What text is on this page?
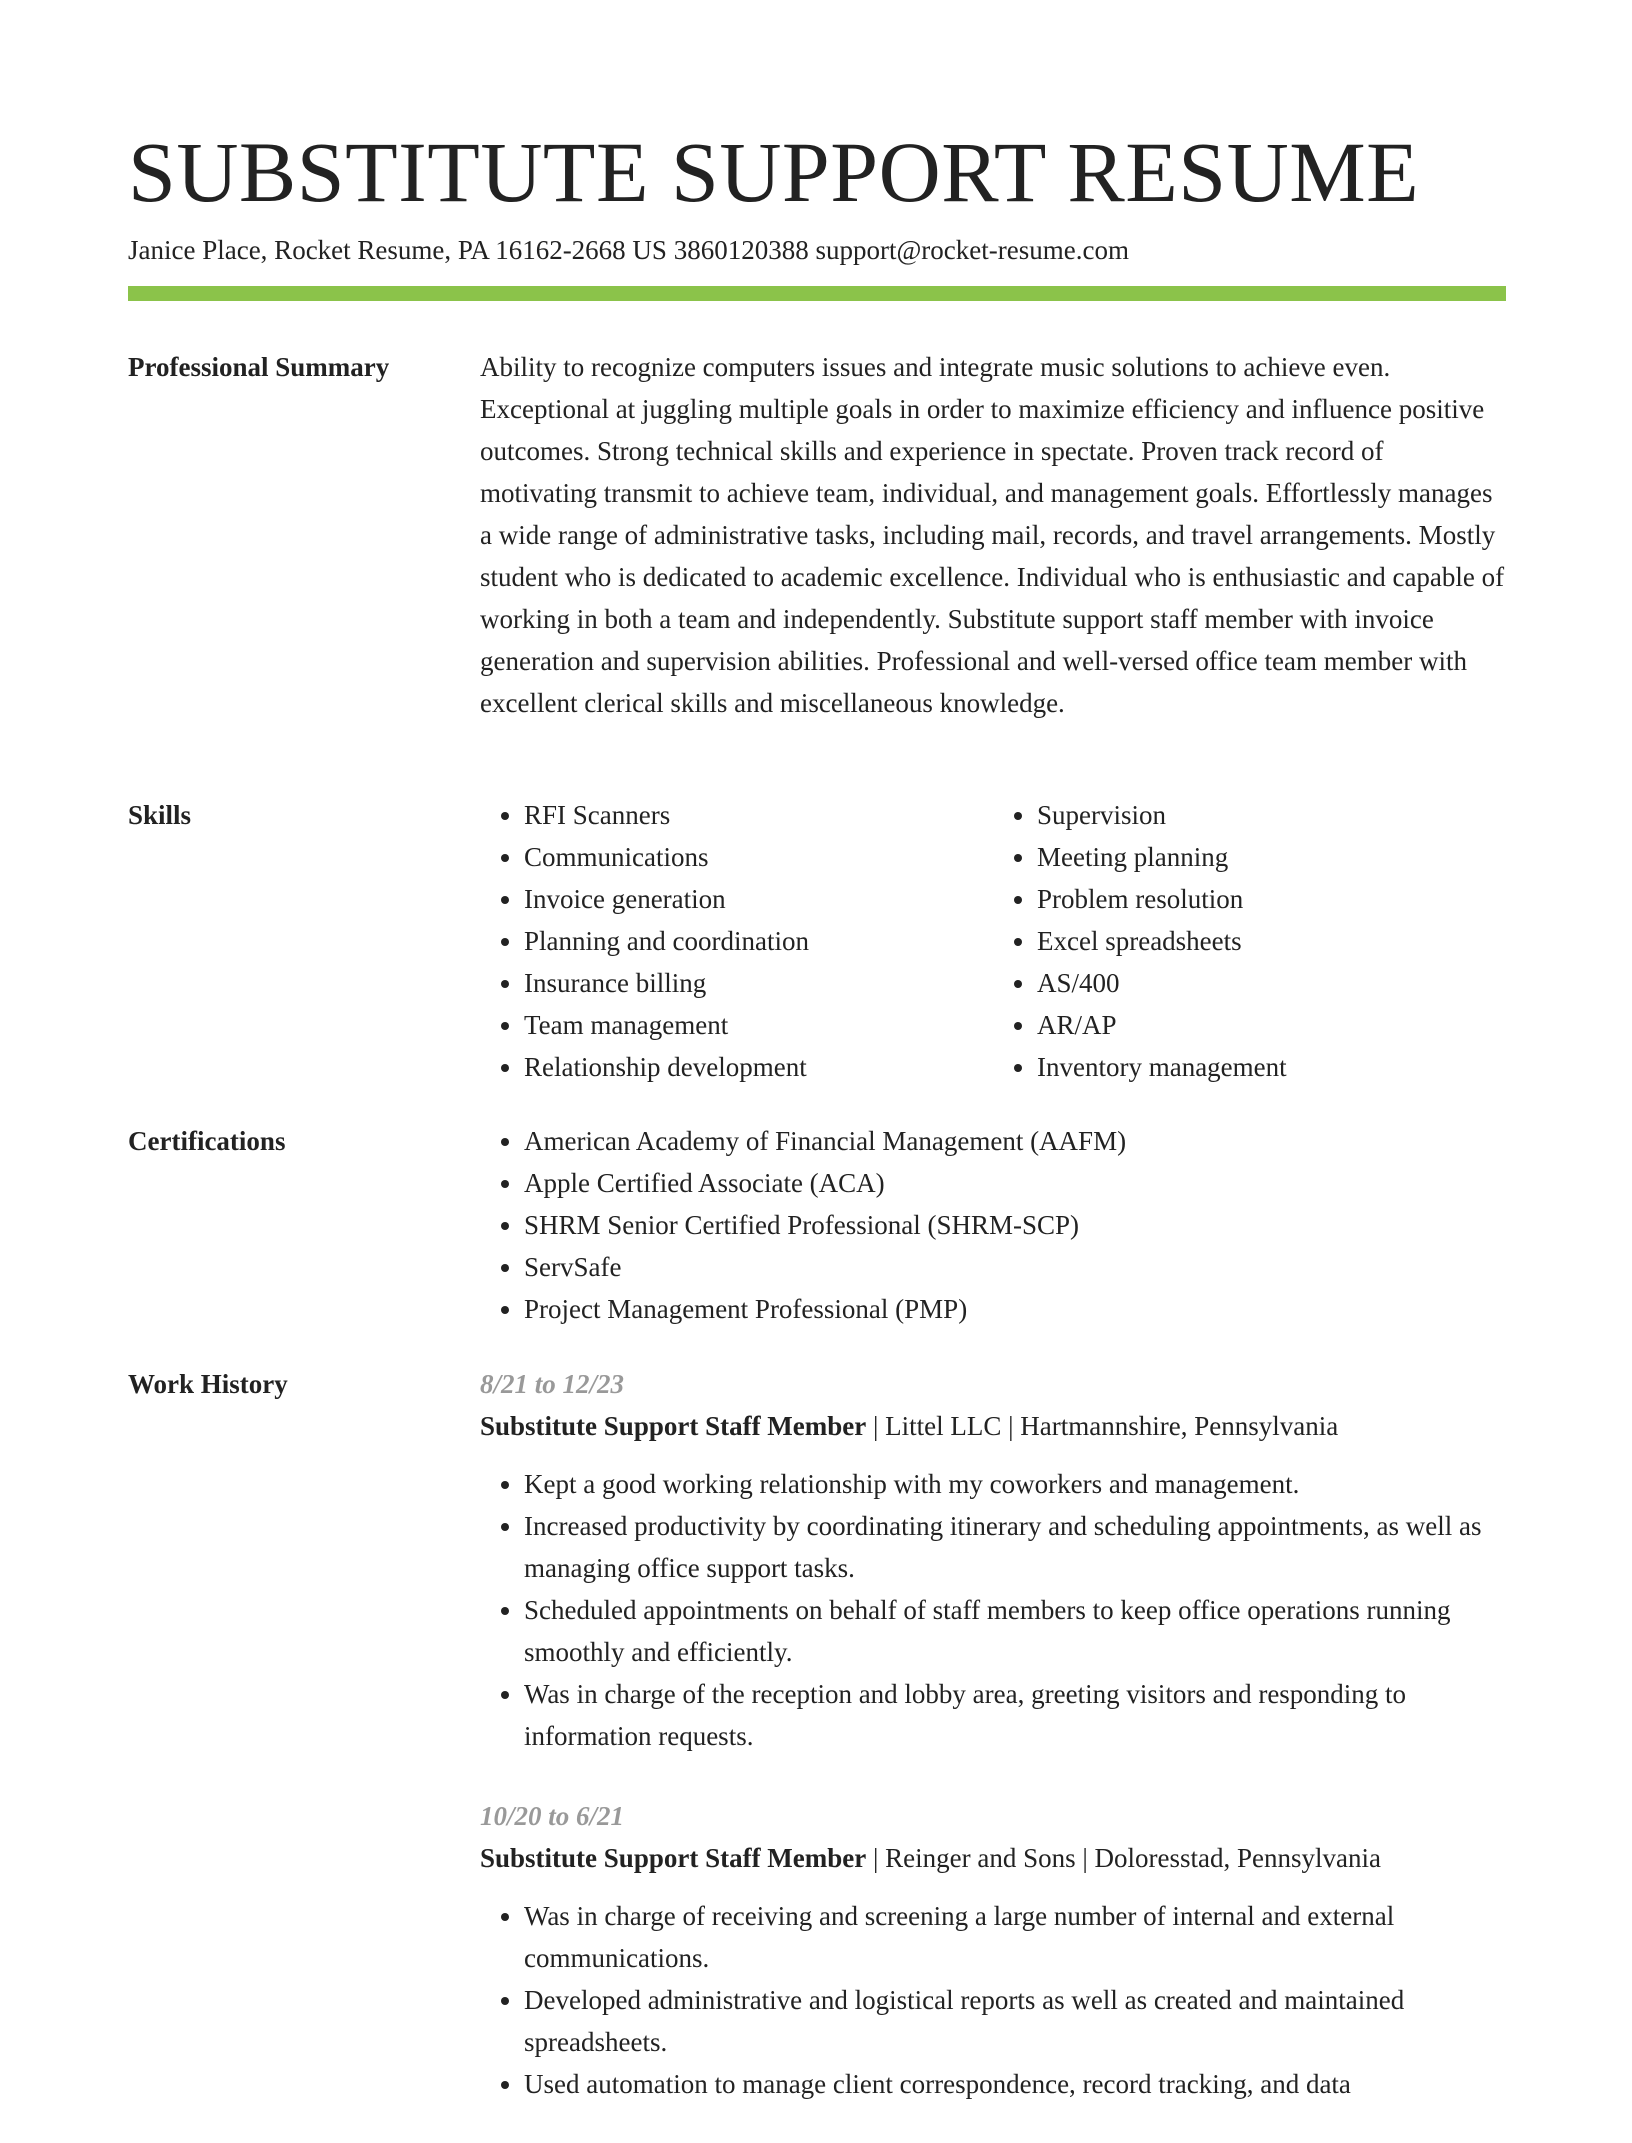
SUBSTITUTE SUPPORT RESUME
Janice Place, Rocket Resume, PA 16162-2668 US 3860120388 support@rocket-resume.com
Professional Summary	Ability to recognize computers issues and integrate music solutions to achieve even. Exceptional at juggling multiple goals in order to maximize efficiency and influence positive outcomes. Strong technical skills and experience in spectate. Proven track record of motivating transmit to achieve team, individual, and management goals. Effortlessly manages a wide range of administrative tasks, including mail, records, and travel arrangements. Mostly student who is dedicated to academic excellence. Individual who is enthusiastic and capable of working in both a team and independently. Substitute support staff member with invoice generation and supervision abilities. Professional and well-versed office team member with excellent clerical skills and miscellaneous knowledge.

Skills	• RFI Scanners
• Communications
• Invoice generation
• Planning and coordination
• Insurance billing
• Team management
• Relationship development
• Supervision
• Meeting planning
• Problem resolution
• Excel spreadsheets
• AS/400
• AR/AP
• Inventory management
Certifications	• American Academy of Financial Management (AAFM)
• Apple Certified Associate (ACA)
• SHRM Senior Certified Professional (SHRM-SCP)
• ServSafe
• Project Management Professional (PMP)
Work History	8/21 to 12/23
Substitute Support Staff Member | Littel LLC | Hartmannshire, Pennsylvania
• Kept a good working relationship with my coworkers and management.
• Increased productivity by coordinating itinerary and scheduling appointments, as well as managing office support tasks.
• Scheduled appointments on behalf of staff members to keep office operations running smoothly and efficiently.
• Was in charge of the reception and lobby area, greeting visitors and responding to information requests.
10/20 to 6/21
Substitute Support Staff Member | Reinger and Sons | Doloresstad, Pennsylvania
• Was in charge of receiving and screening a large number of internal and external communications.
• Developed administrative and logistical reports as well as created and maintained spreadsheets.
• Used automation to manage client correspondence, record tracking, and data
